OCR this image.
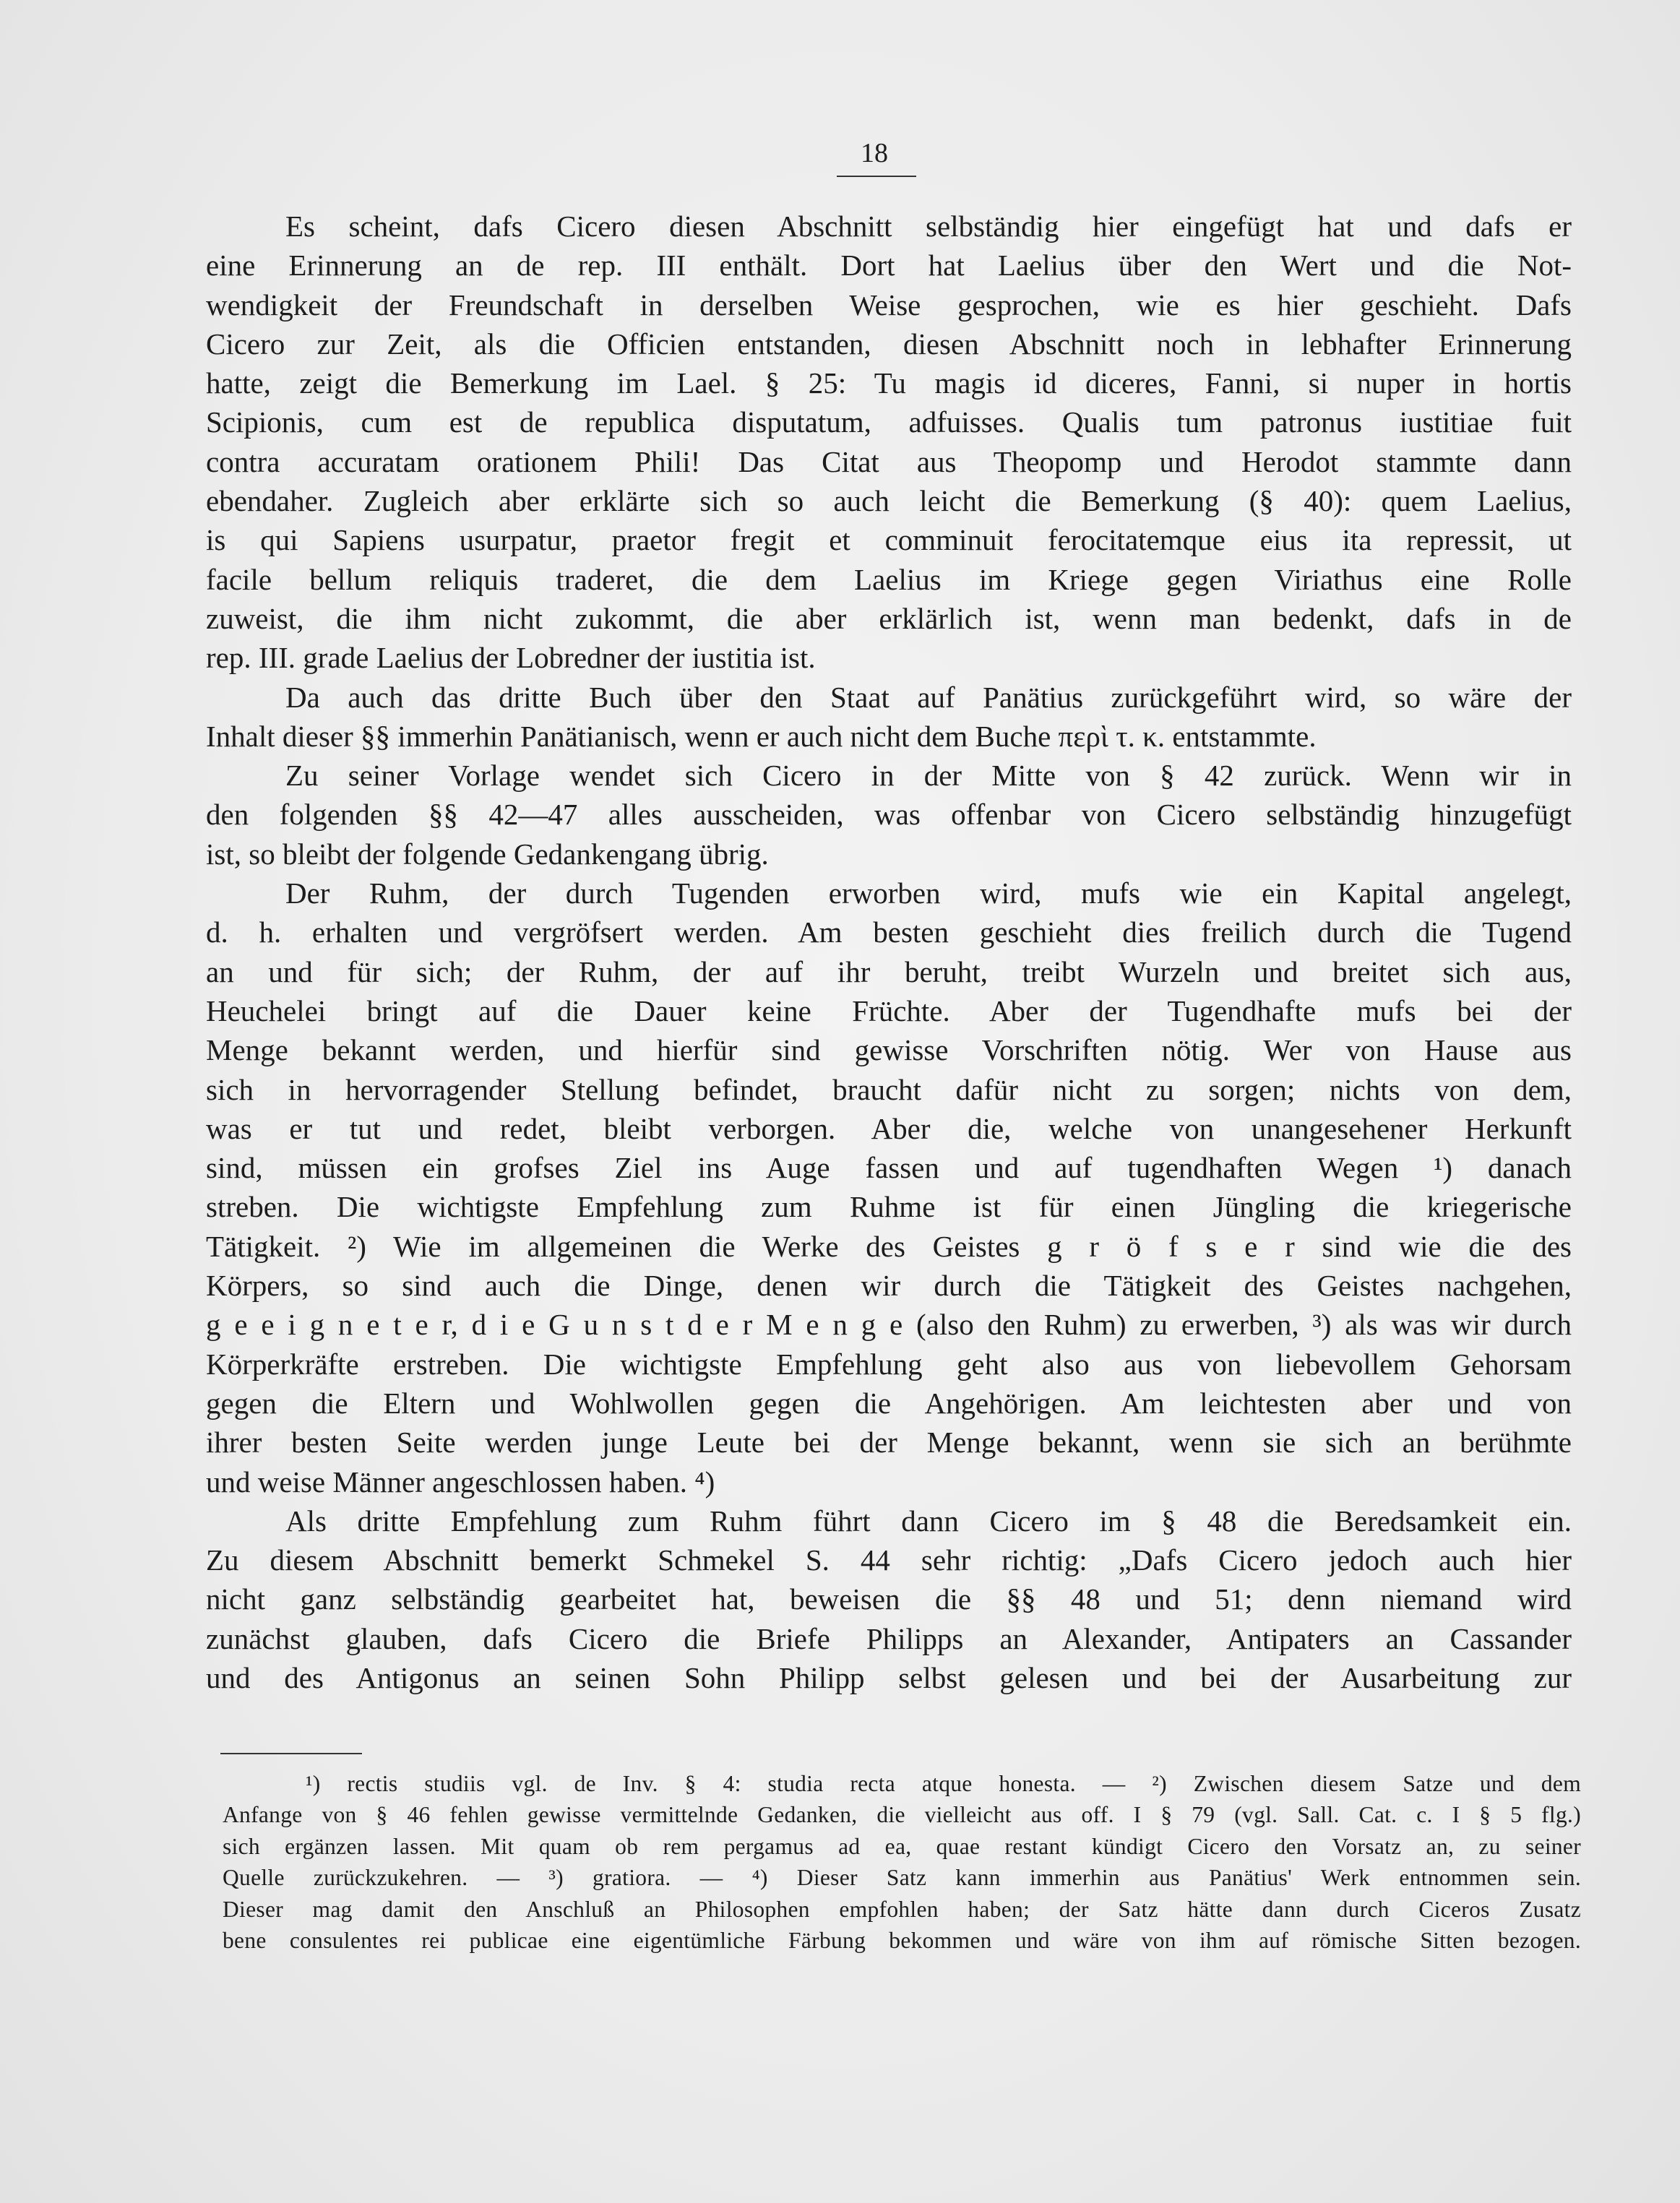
18
Es scheint, dafs Cicero diesen Abschnitt selbständig hier eingefügt hat und dafs er
eine Erinnerung an de rep. III enthält. Dort hat Laelius über den Wert und die Not-
wendigkeit der Freundschaft in derselben Weise gesprochen, wie es hier geschieht. Dafs
Cicero zur Zeit, als die Officien entstanden, diesen Abschnitt noch in lebhafter Erinnerung
hatte, zeigt die Bemerkung im Lael. § 25: Tu magis id diceres, Fanni, si nuper in hortis
Scipionis, cum est de republica disputatum, adfuisses. Qualis tum patronus iustitiae fuit
contra accuratam orationem Phili! Das Citat aus Theopomp und Herodot stammte dann
ebendaher. Zugleich aber erklärte sich so auch leicht die Bemerkung (§ 40): quem Laelius,
is qui Sapiens usurpatur, praetor fregit et comminuit ferocitatemque eius ita repressit, ut
facile bellum reliquis traderet, die dem Laelius im Kriege gegen Viriathus eine Rolle
zuweist, die ihm nicht zukommt, die aber erklärlich ist, wenn man bedenkt, dafs in de
rep. III. grade Laelius der Lobredner der iustitia ist.
Da auch das dritte Buch über den Staat auf Panätius zurückgeführt wird, so wäre der
Inhalt dieser §§ immerhin Panätianisch, wenn er auch nicht dem Buche περὶ τ. κ. entstammte.
Zu seiner Vorlage wendet sich Cicero in der Mitte von § 42 zurück. Wenn wir in
den folgenden §§ 42—47 alles ausscheiden, was offenbar von Cicero selbständig hinzugefügt
ist, so bleibt der folgende Gedankengang übrig.
Der Ruhm, der durch Tugenden erworben wird, mufs wie ein Kapital angelegt,
d. h. erhalten und vergröfsert werden. Am besten geschieht dies freilich durch die Tugend
an und für sich; der Ruhm, der auf ihr beruht, treibt Wurzeln und breitet sich aus,
Heuchelei bringt auf die Dauer keine Früchte. Aber der Tugendhafte mufs bei der
Menge bekannt werden, und hierfür sind gewisse Vorschriften nötig. Wer von Hause aus
sich in hervorragender Stellung befindet, braucht dafür nicht zu sorgen; nichts von dem,
was er tut und redet, bleibt verborgen. Aber die, welche von unangesehener Herkunft
sind, müssen ein grofses Ziel ins Auge fassen und auf tugendhaften Wegen ¹) danach
streben. Die wichtigste Empfehlung zum Ruhme ist für einen Jüngling die kriegerische
Tätigkeit. ²) Wie im allgemeinen die Werke des Geistes g r ö f s e r sind wie die des
Körpers, so sind auch die Dinge, denen wir durch die Tätigkeit des Geistes nachgehen,
g e e i g n e t e r, d i e G u n s t d e r M e n g e (also den Ruhm) zu erwerben, ³) als was wir durch
Körperkräfte erstreben. Die wichtigste Empfehlung geht also aus von liebevollem Gehorsam
gegen die Eltern und Wohlwollen gegen die Angehörigen. Am leichtesten aber und von
ihrer besten Seite werden junge Leute bei der Menge bekannt, wenn sie sich an berühmte
und weise Männer angeschlossen haben. ⁴)
Als dritte Empfehlung zum Ruhm führt dann Cicero im § 48 die Beredsamkeit ein.
Zu diesem Abschnitt bemerkt Schmekel S. 44 sehr richtig: „Dafs Cicero jedoch auch hier
nicht ganz selbständig gearbeitet hat, beweisen die §§ 48 und 51; denn niemand wird
zunächst glauben, dafs Cicero die Briefe Philipps an Alexander, Antipaters an Cassander
und des Antigonus an seinen Sohn Philipp selbst gelesen und bei der Ausarbeitung zur
¹) rectis studiis vgl. de Inv. § 4: studia recta atque honesta. — ²) Zwischen diesem Satze und dem
Anfange von § 46 fehlen gewisse vermittelnde Gedanken, die vielleicht aus off. I § 79 (vgl. Sall. Cat. c. I § 5 flg.)
sich ergänzen lassen. Mit quam ob rem pergamus ad ea, quae restant kündigt Cicero den Vorsatz an, zu seiner
Quelle zurückzukehren. — ³) gratiora. — ⁴) Dieser Satz kann immerhin aus Panätius' Werk entnommen sein.
Dieser mag damit den Anschluß an Philosophen empfohlen haben; der Satz hätte dann durch Ciceros Zusatz
bene consulentes rei publicae eine eigentümliche Färbung bekommen und wäre von ihm auf römische Sitten bezogen.
